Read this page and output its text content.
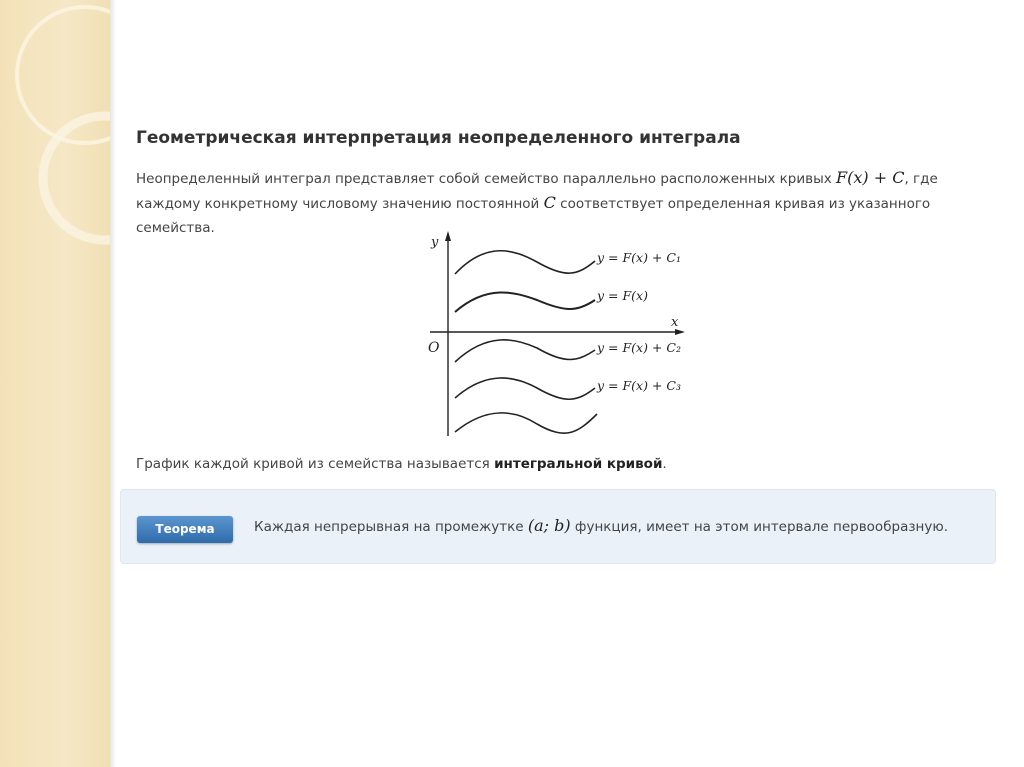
Геометрическая интерпретация неопределенного интеграла

Неопределенный интеграл представляет собой семейство параллельно расположенных кривых F(x) + C, где каждому конкретному числовому значению постоянной C соответствует определенная кривая из указанного семейства.

y
x
O
y = F(x) + C₁
y = F(x)
y = F(x) + C₂
y = F(x) + C₃

График каждой кривой из семейства называется интегральной кривой.

Теорема	Каждая непрерывная на промежутке (a; b) функция, имеет на этом интервале первообразную.
